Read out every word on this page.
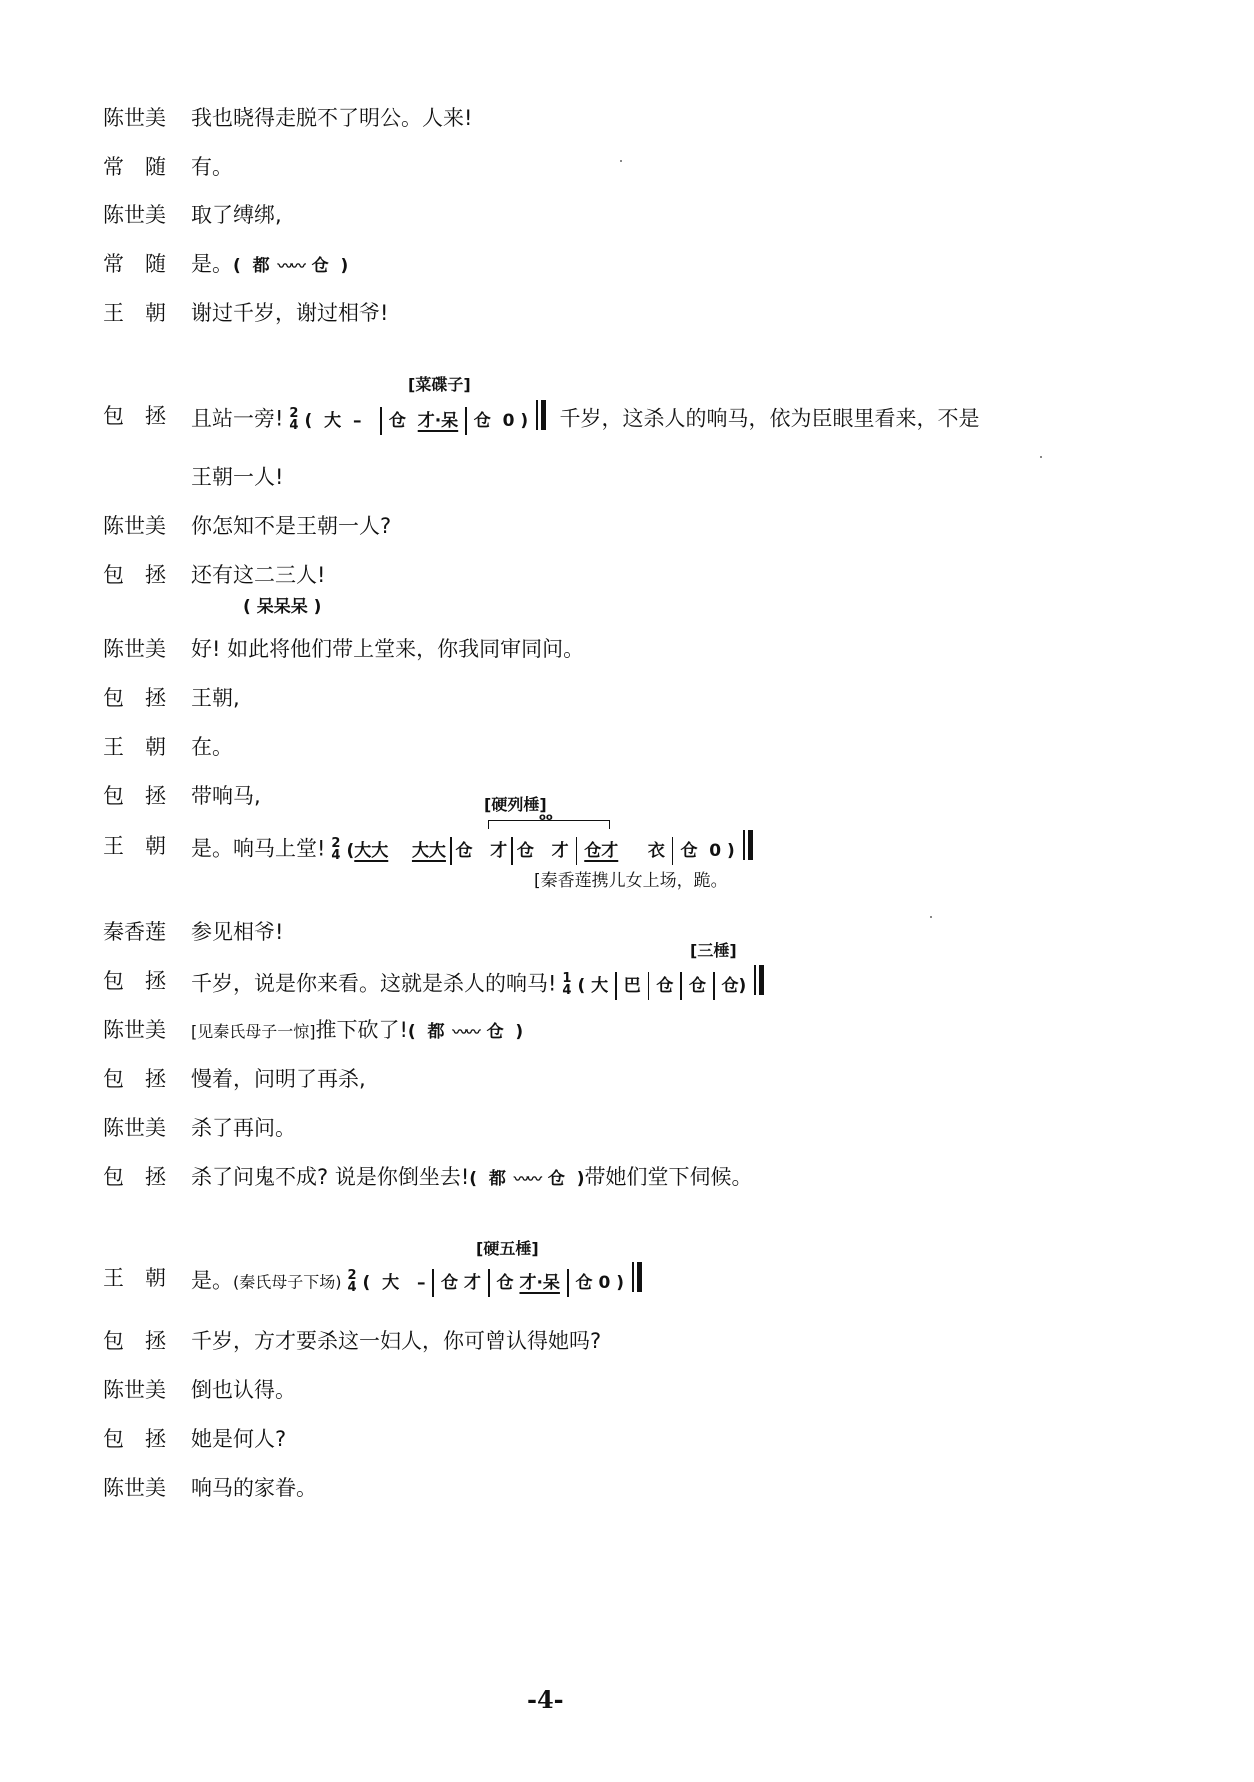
陈世美	我也晓得走脱不了明公。人来!
常　随	有。
陈世美	取了缚绑,
常　随	是。( 都 〰〰 仓 )
王　朝	谢过千岁，谢过相爷!
[菜碟子]
包　拯	且站一旁! 2
4 ( 大 – 仓 才·呆 仓 0 ) 千岁，这杀人的响马，依为臣眼里看来，不是
王朝一人!
陈世美	你怎知不是王朝一人?
包　拯	还有这二三人!
( 呆呆呆 )
陈世美	好! 如此将他们带上堂来，你我同审同问。
包　拯	王朝,
王　朝	在。
包　拯	带响马,	[硬列棰]
oo
王　朝	是。响马上堂! 2
4 (大大 大大 仓 才 仓 才 仓才 衣 仓 0 )
[秦香莲携儿女上场，跪。
秦香莲	参见相爷!
[三棰]
包　拯	千岁，说是你来看。这就是杀人的响马! 1
4 ( 大 巴 仓 仓 仓)
陈世美	[见秦氏母子一惊]推下砍了!( 都 〰〰 仓 )
包　拯	慢着，问明了再杀,
陈世美	杀了再问。
包　拯	杀了问鬼不成? 说是你倒坐去!( 都 〰〰 仓 )带她们堂下伺候。
[硬五棰]
王　朝	是。(秦氏母子下场) 2
4 ( 大 – 仓 才 仓 才·呆 仓 0 )
包　拯	千岁，方才要杀这一妇人，你可曾认得她吗?
陈世美	倒也认得。
包　拯	她是何人?
陈世美	响马的家眷。
-4-
